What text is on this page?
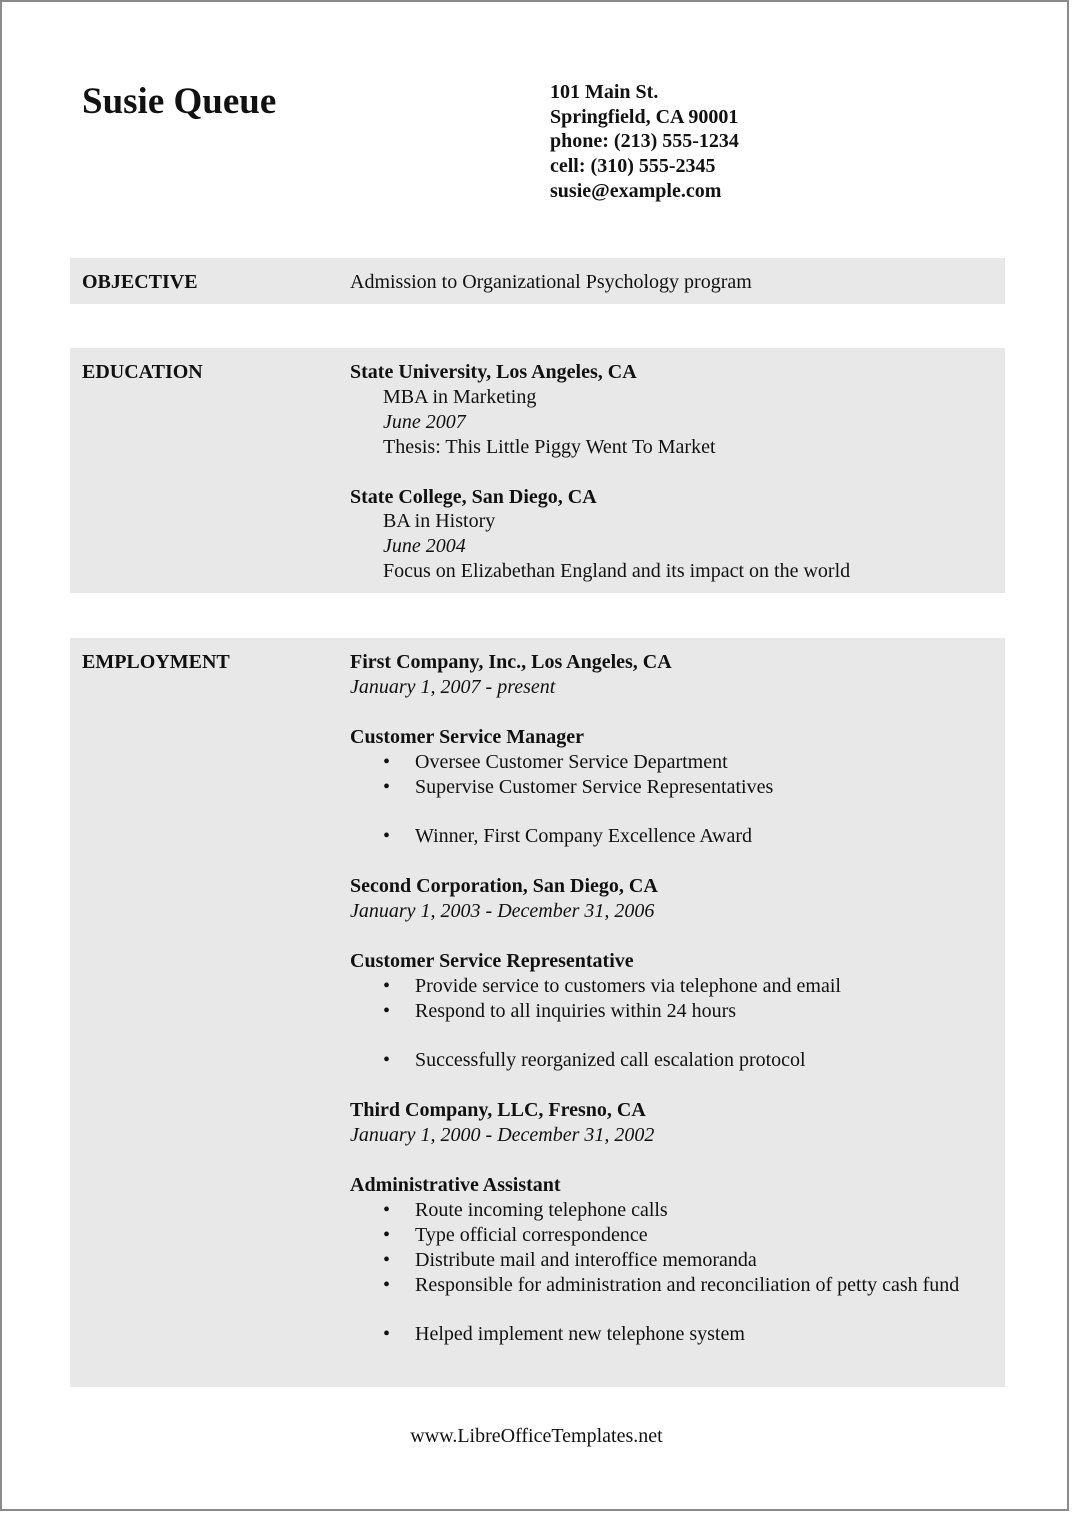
Susie Queue	101 Main St.
Springfield, CA 90001
phone: (213) 555-1234
cell: (310) 555-2345
susie@example.com
OBJECTIVE	Admission to Organizational Psychology program
EDUCATION	State University, Los Angeles, CA
MBA in Marketing
June 2007
Thesis: This Little Piggy Went To Market
State College, San Diego, CA
BA in History
June 2004
Focus on Elizabethan England and its impact on the world
EMPLOYMENT	First Company, Inc., Los Angeles, CA
January 1, 2007 - present
Customer Service Manager
• Oversee Customer Service Department
• Supervise Customer Service Representatives
• Winner, First Company Excellence Award
Second Corporation, San Diego, CA
January 1, 2003 - December 31, 2006
Customer Service Representative
• Provide service to customers via telephone and email
• Respond to all inquiries within 24 hours
• Successfully reorganized call escalation protocol
Third Company, LLC, Fresno, CA
January 1, 2000 - December 31, 2002
Administrative Assistant
• Route incoming telephone calls
• Type official correspondence
• Distribute mail and interoffice memoranda
• Responsible for administration and reconciliation of petty cash fund
• Helped implement new telephone system
www.LibreOfficeTemplates.net
